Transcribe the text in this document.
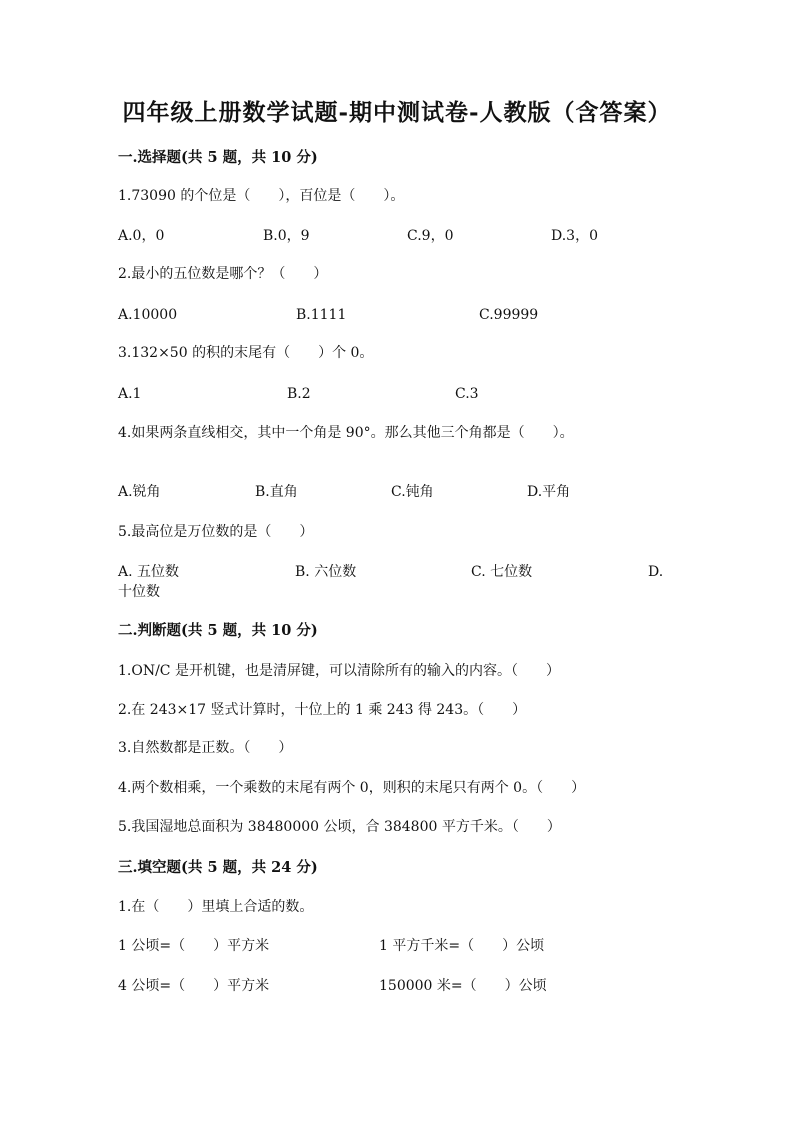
四年级上册数学试题-期中测试卷-人教版（含答案）
一.选择题(共 5 题，共 10 分)
1.73090 的个位是（　　），百位是（　　）。
A.0，0	B.0，9	C.9，0	D.3，0
2.最小的五位数是哪个？（　　）
A.10000	B.1111	C.99999
3.132×50 的积的末尾有（　　）个 0。
A.1	B.2	C.3
4.如果两条直线相交，其中一个角是 90°。那么其他三个角都是（　　）。
A.锐角	B.直角	C.钝角	D.平角
5.最高位是万位数的是（　　）
A. 五位数	B. 六位数	C. 七位数	D.
十位数
二.判断题(共 5 题，共 10 分)
1.ON/C 是开机键，也是清屏键，可以清除所有的输入的内容。（　　）
2.在 243×17 竖式计算时，十位上的 1 乘 243 得 243。（　　）
3.自然数都是正数。（　　）
4.两个数相乘，一个乘数的末尾有两个 0，则积的末尾只有两个 0。（　　）
5.我国湿地总面积为 38480000 公顷，合 384800 平方千米。（　　）
三.填空题(共 5 题，共 24 分)
1.在（　　）里填上合适的数。
1 公顷=（　　）平方米	1 平方千米=（　　）公顷
4 公顷=（　　）平方米	150000 米=（　　）公顷
